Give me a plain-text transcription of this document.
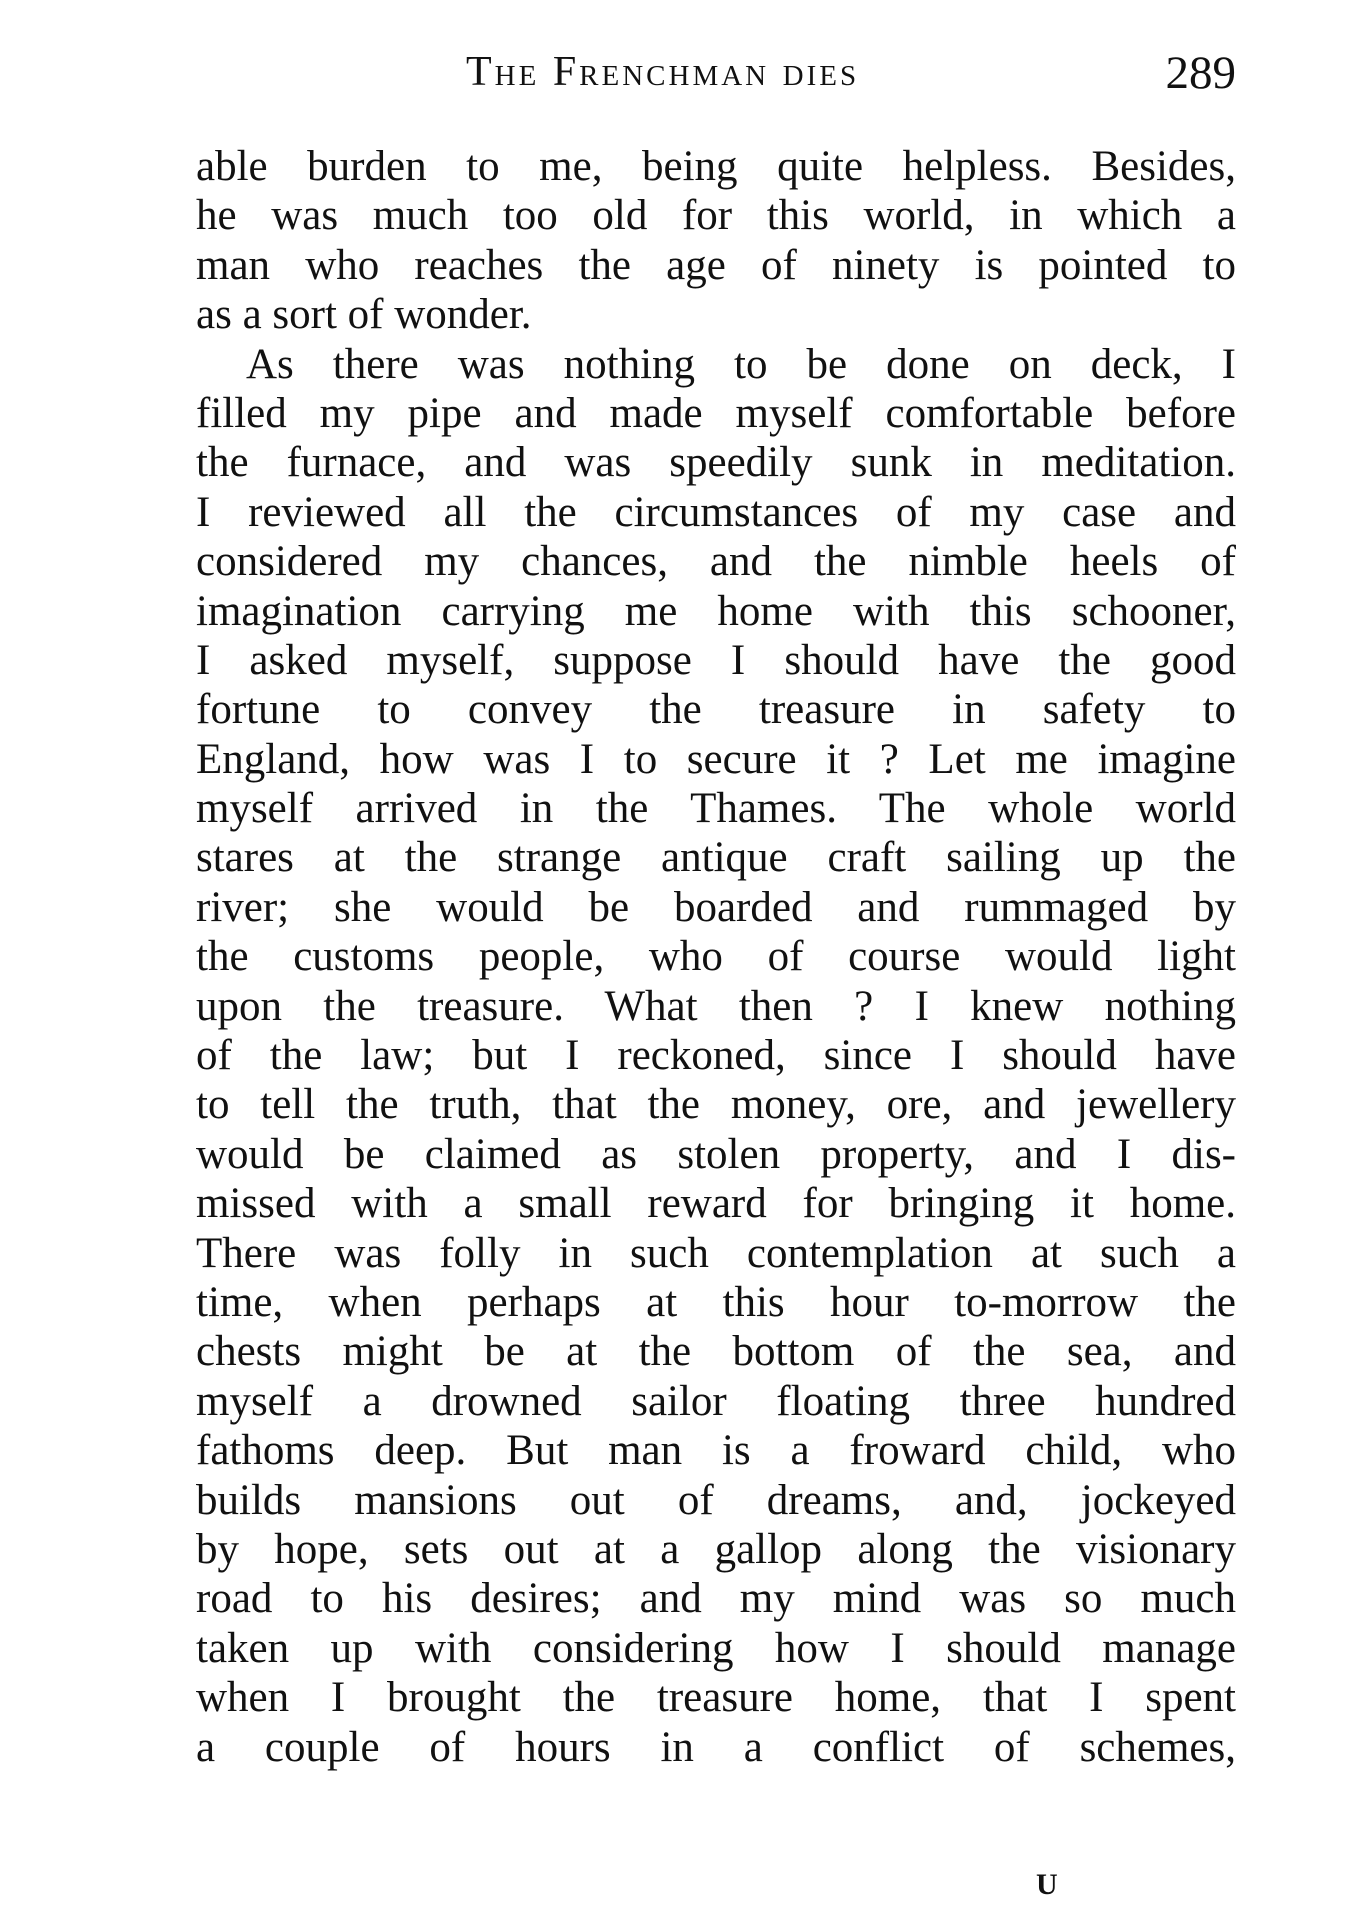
The Frenchman dies	289
able burden to me, being quite helpless. Besides,
he was much too old for this world, in which a
man who reaches the age of ninety is pointed to
as a sort of wonder.
As there was nothing to be done on deck, I
filled my pipe and made myself comfortable before
the furnace, and was speedily sunk in meditation.
I reviewed all the circumstances of my case and
considered my chances, and the nimble heels of
imagination carrying me home with this schooner,
I asked myself, suppose I should have the good
fortune to convey the treasure in safety to
England, how was I to secure it ? Let me imagine
myself arrived in the Thames. The whole world
stares at the strange antique craft sailing up the
river; she would be boarded and rummaged by
the customs people, who of course would light
upon the treasure. What then ? I knew nothing
of the law; but I reckoned, since I should have
to tell the truth, that the money, ore, and jewellery
would be claimed as stolen property, and I dis-
missed with a small reward for bringing it home.
There was folly in such contemplation at such a
time, when perhaps at this hour to-morrow the
chests might be at the bottom of the sea, and
myself a drowned sailor floating three hundred
fathoms deep. But man is a froward child, who
builds mansions out of dreams, and, jockeyed
by hope, sets out at a gallop along the visionary
road to his desires; and my mind was so much
taken up with considering how I should manage
when I brought the treasure home, that I spent
a couple of hours in a conflict of schemes,
U
